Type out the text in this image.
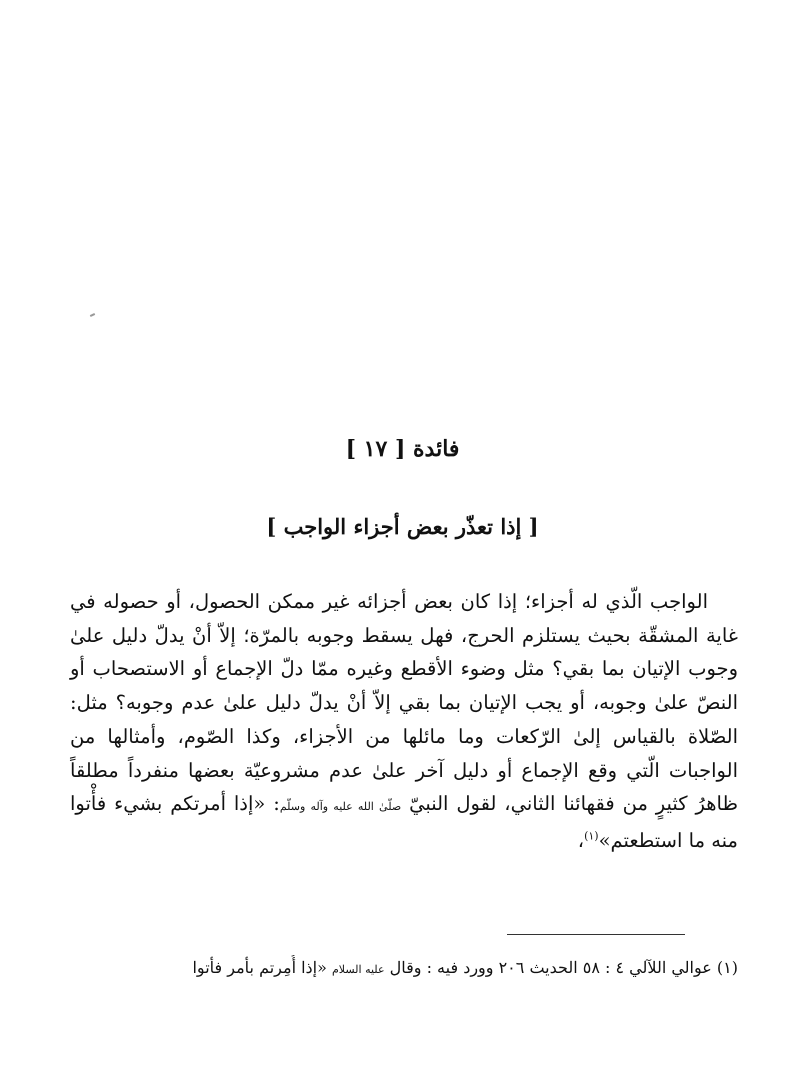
فائدة [ ١٧ ]
[ إذا تعذّر بعض أجزاء الواجب ]

الواجب الّذي له أجزاء؛ إذا كان بعض أجزائه غير ممكن الحصول، أو حصوله في غاية المشقّة بحيث يستلزم الحرج، فهل يسقط وجوبه بالمرّة؛ إلاّ أنْ يدلّ دليل علىٰ وجوب الإتيان بما بقي؟ مثل وضوء الأقطع وغيره ممّا دلّ الإجماع أو الاستصحاب أو النصّ علىٰ وجوبه، أو يجب الإتيان بما بقي إلاّ أنْ يدلّ دليل علىٰ عدم وجوبه؟ مثل: الصّلاة بالقياس إلىٰ الرّكعات وما مائلها من الأجزاء، وكذا الصّوم، وأمثالها من الواجبات الّتي وقع الإجماع أو دليل آخر علىٰ عدم مشروعيّة بعضها منفرداً مطلقاً ظاهرُ كثيرٍ من فقهائنا الثاني، لقول النبيّ صلّىٰ الله عليه وآله وسلّم: «إذا أمرتكم بشيء فأْتوا منه ما استطعتم»$^{(١)}$،

(١) عوالي اللآلي ٤ : ٥٨ الحديث ٢٠٦ وورد فيه : وقال عليه السلام «إذا أُمِرتم بأمر فأتوا
